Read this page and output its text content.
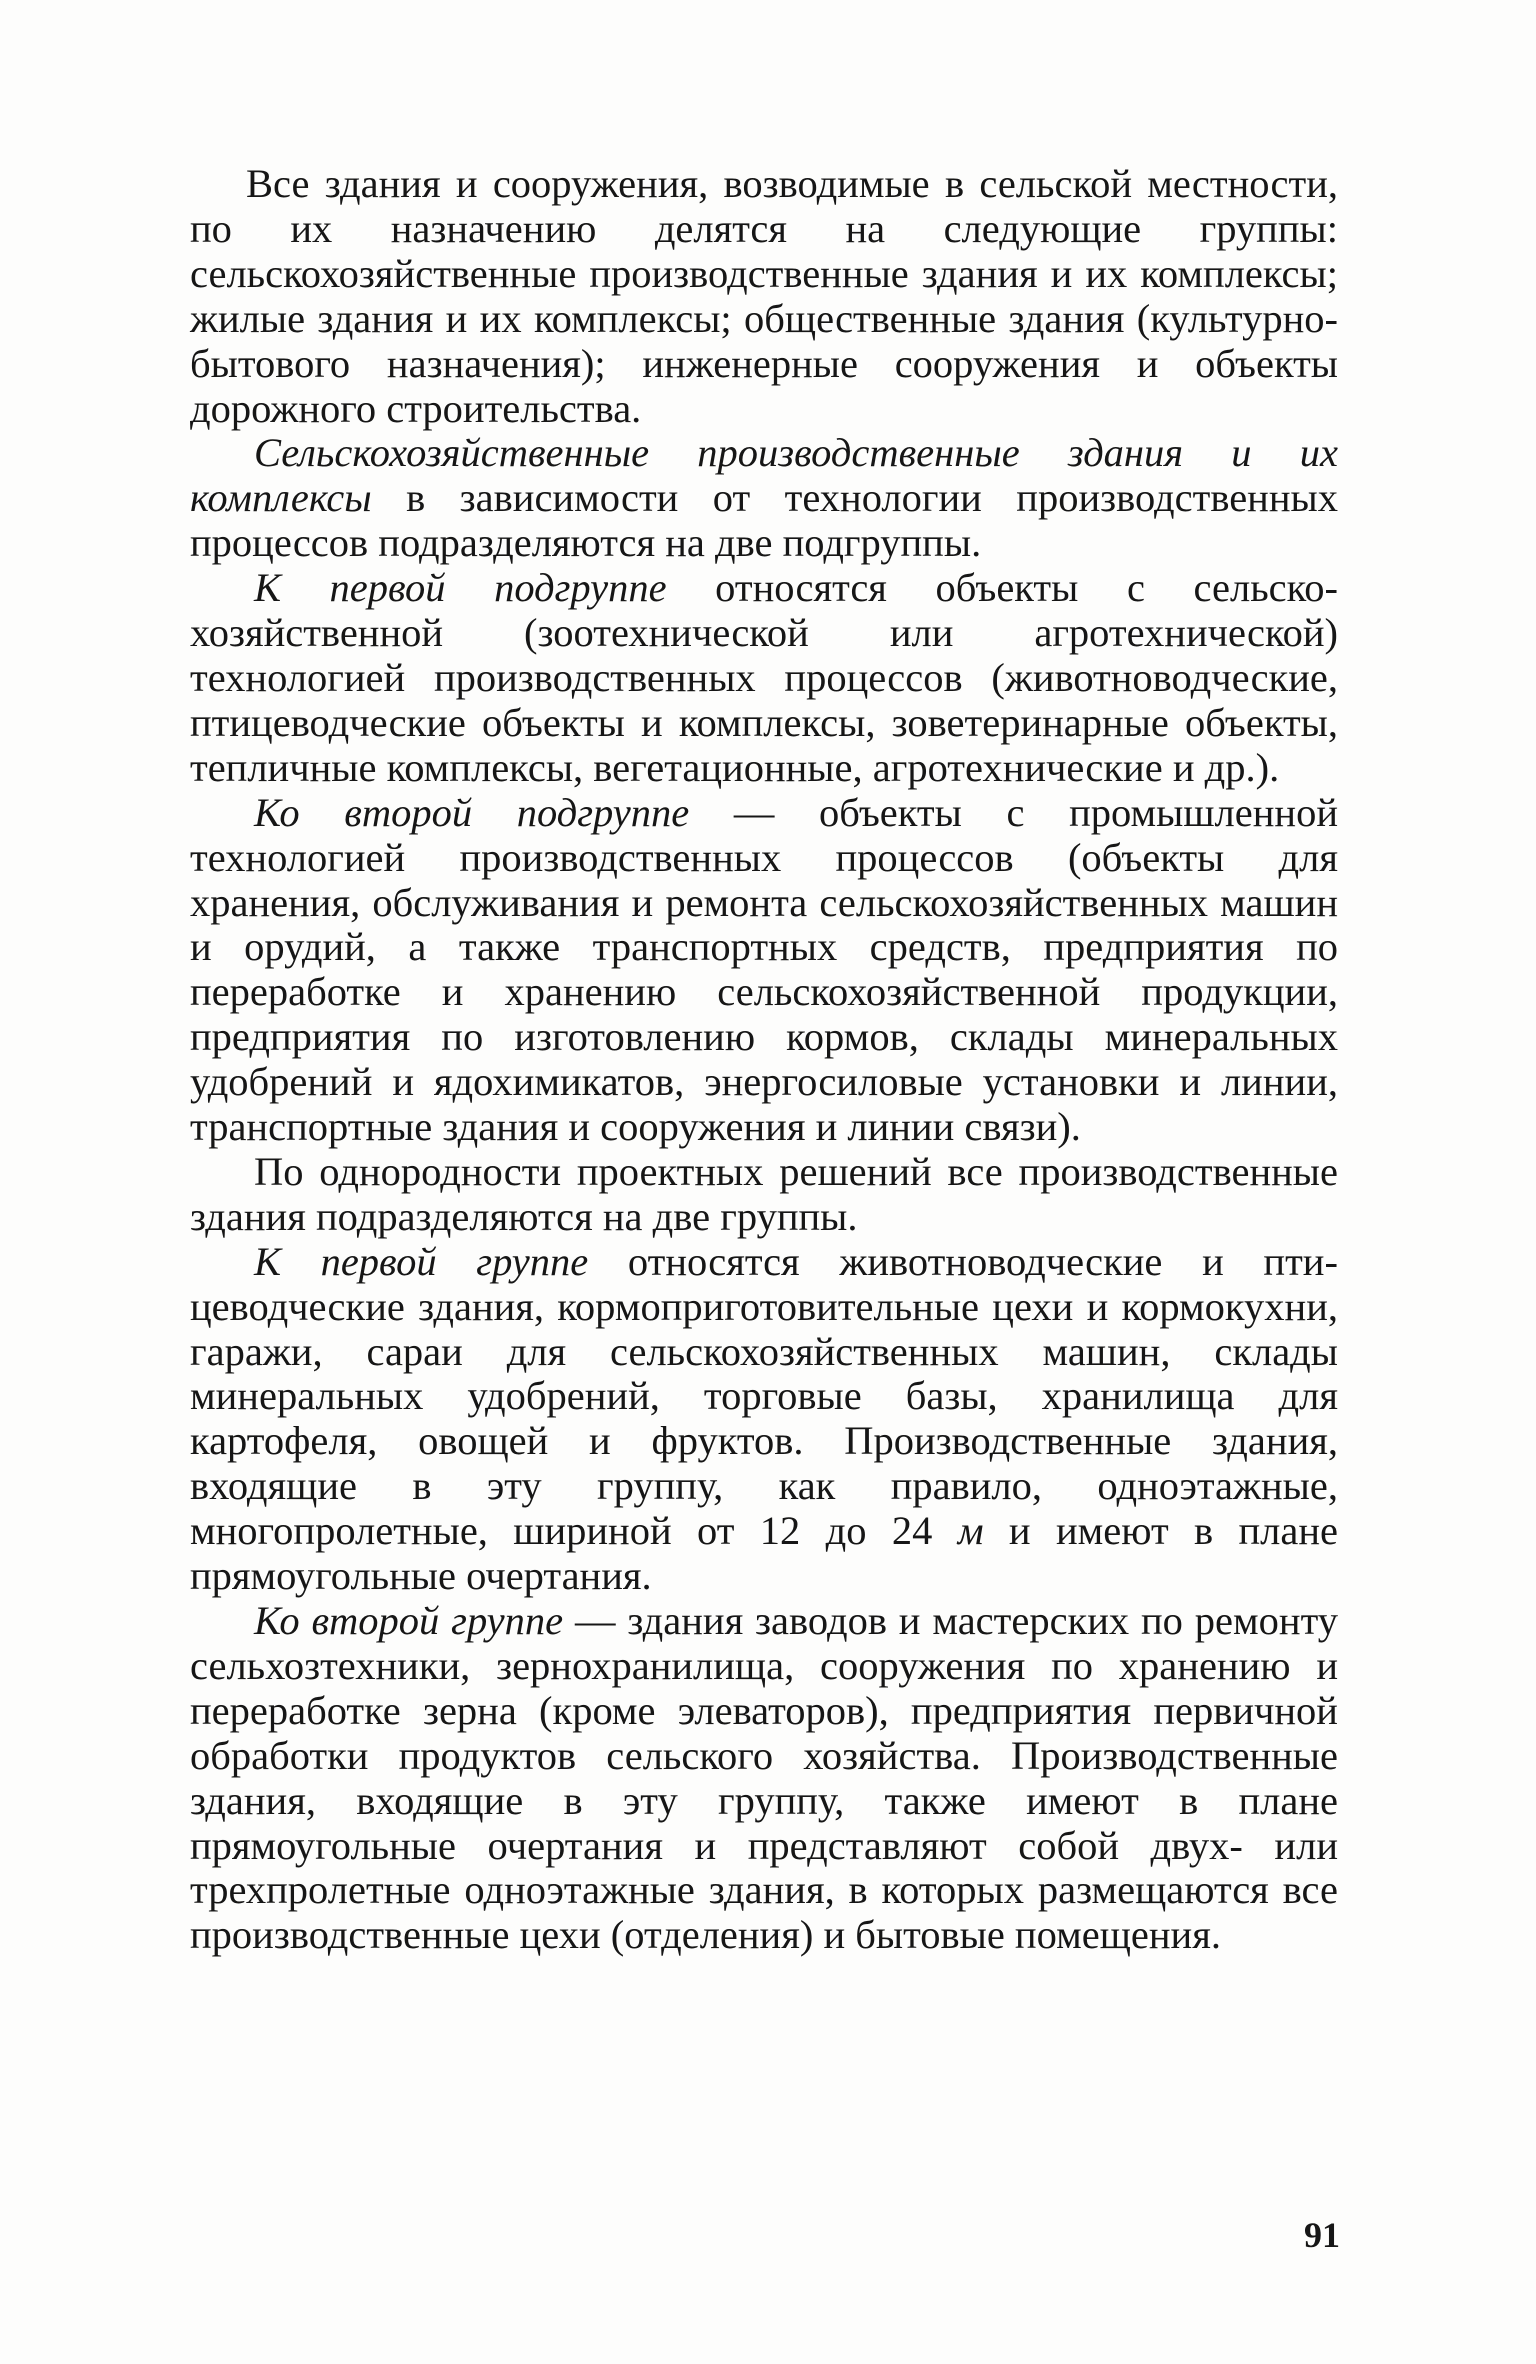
Все здания и сооружения, возводимые в сельской местности, по их назначению делятся на следующие группы: сельскохозяйственные производственные здания и их комплексы; жилые здания и их комплексы; общественные здания (культурно-бытового назначения); инженерные сооружения и объекты дорожного строительства.

Сельскохозяйственные производственные здания и их комплексы в зависимости от технологии производственных процессов подразделяются на две подгруппы.

К первой подгруппе относятся объекты с сельскохозяйственной (зоотехнической или агротехнической) технологией производственных процессов (животноводческие, птицеводческие объекты и комплексы, зоветеринарные объекты, тепличные комплексы, вегетационные, агротехнические и др.).

Ко второй подгруппе — объекты с промышленной технологией производственных процессов (объекты для хранения, обслуживания и ремонта сельскохозяйственных машин и орудий, а также транспортных средств, предприятия по переработке и хранению сельскохозяйственной продукции, предприятия по изготовлению кормов, склады минеральных удобрений и ядохимикатов, энергосиловые установки и линии, транспортные здания и сооружения и линии связи).

По однородности проектных решений все производственные здания подразделяются на две группы.

К первой группе относятся животноводческие и птицеводческие здания, кормоприготовительные цехи и кормокухни, гаражи, сараи для сельскохозяйственных машин, склады минеральных удобрений, торговые базы, хранилища для картофеля, овощей и фруктов. Производственные здания, входящие в эту группу, как правило, одноэтажные, многопролетные, шириной от 12 до 24 м и имеют в плане прямоугольные очертания.

Ко второй группе — здания заводов и мастерских по ремонту сельхозтехники, зернохранилища, сооружения по хранению и переработке зерна (кроме элеваторов), предприятия первичной обработки продуктов сельского хозяйства. Производственные здания, входящие в эту группу, также имеют в плане прямоугольные очертания и представляют собой двух- или трехпролетные одноэтажные здания, в которых размещаются все производственные цехи (отделения) и бытовые помещения.

91
